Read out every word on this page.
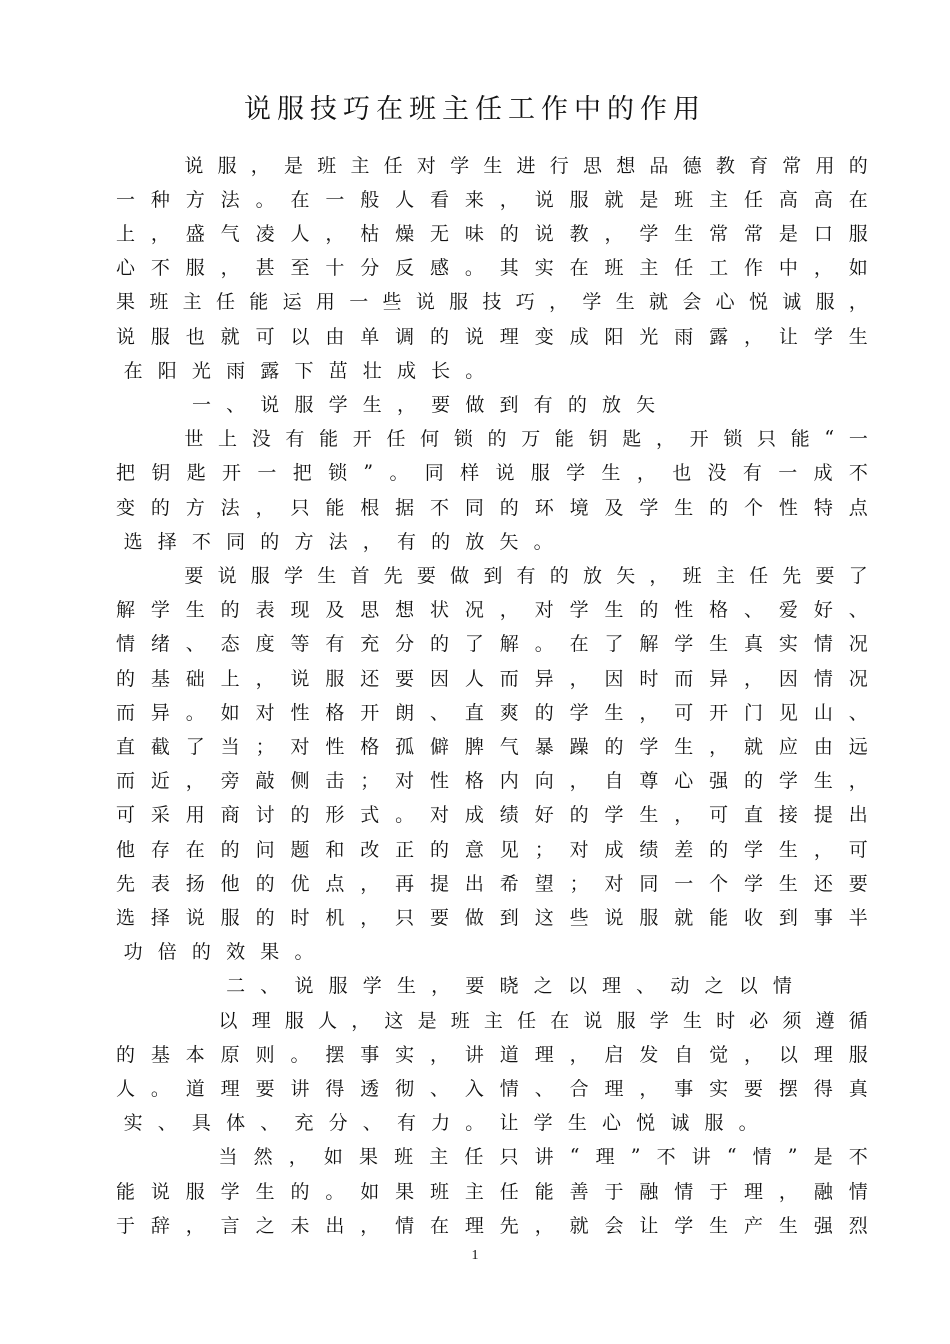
说服技巧在班主任工作中的作用
说 服 ， 是 班 主 任 对 学 生 进 行 思 想 品 德 教 育 常 用 的
一 种 方 法 。 在 一 般 人 看 来 ， 说 服 就 是 班 主 任 高 高 在
上 ， 盛 气 凌 人 ， 枯 燥 无 味 的 说 教 ， 学 生 常 常 是 口 服
心 不 服 ， 甚 至 十 分 反 感 。 其 实 在 班 主 任 工 作 中 ， 如
果 班 主 任 能 运 用 一 些 说 服 技 巧 ， 学 生 就 会 心 悦 诚 服 ，
说 服 也 就 可 以 由 单 调 的 说 理 变 成 阳 光 雨 露 ， 让 学 生
在 阳 光 雨 露 下 茁 壮 成 长 。
一 、 说 服 学 生 ， 要 做 到 有 的 放 矢
世 上 没 有 能 开 任 何 锁 的 万 能 钥 匙 ， 开 锁 只 能 “ 一
把 钥 匙 开 一 把 锁 ” 。 同 样 说 服 学 生 ， 也 没 有 一 成 不
变 的 方 法 ， 只 能 根 据 不 同 的 环 境 及 学 生 的 个 性 特 点
选 择 不 同 的 方 法 ， 有 的 放 矢 。
要 说 服 学 生 首 先 要 做 到 有 的 放 矢 ， 班 主 任 先 要 了
解 学 生 的 表 现 及 思 想 状 况 ， 对 学 生 的 性 格 、 爱 好 、
情 绪 、 态 度 等 有 充 分 的 了 解 。 在 了 解 学 生 真 实 情 况
的 基 础 上 ， 说 服 还 要 因 人 而 异 ， 因 时 而 异 ， 因 情 况
而 异 。 如 对 性 格 开 朗 、 直 爽 的 学 生 ， 可 开 门 见 山 、
直 截 了 当 ； 对 性 格 孤 僻 脾 气 暴 躁 的 学 生 ， 就 应 由 远
而 近 ， 旁 敲 侧 击 ； 对 性 格 内 向 ， 自 尊 心 强 的 学 生 ，
可 采 用 商 讨 的 形 式 。 对 成 绩 好 的 学 生 ， 可 直 接 提 出
他 存 在 的 问 题 和 改 正 的 意 见 ； 对 成 绩 差 的 学 生 ， 可
先 表 扬 他 的 优 点 ， 再 提 出 希 望 ； 对 同 一 个 学 生 还 要
选 择 说 服 的 时 机 ， 只 要 做 到 这 些 说 服 就 能 收 到 事 半
功 倍 的 效 果 。
二 、 说 服 学 生 ， 要 晓 之 以 理 、 动 之 以 情
以 理 服 人 ， 这 是 班 主 任 在 说 服 学 生 时 必 须 遵 循
的 基 本 原 则 。 摆 事 实 ， 讲 道 理 ， 启 发 自 觉 ， 以 理 服
人 。 道 理 要 讲 得 透 彻 、 入 情 、 合 理 ， 事 实 要 摆 得 真
实 、 具 体 、 充 分 、 有 力 。 让 学 生 心 悦 诚 服 。
当 然 ， 如 果 班 主 任 只 讲 “ 理 ” 不 讲 “ 情 ” 是 不
能 说 服 学 生 的 。 如 果 班 主 任 能 善 于 融 情 于 理 ， 融 情
于 辞 ， 言 之 未 出 ， 情 在 理 先 ， 就 会 让 学 生 产 生 强 烈
1
